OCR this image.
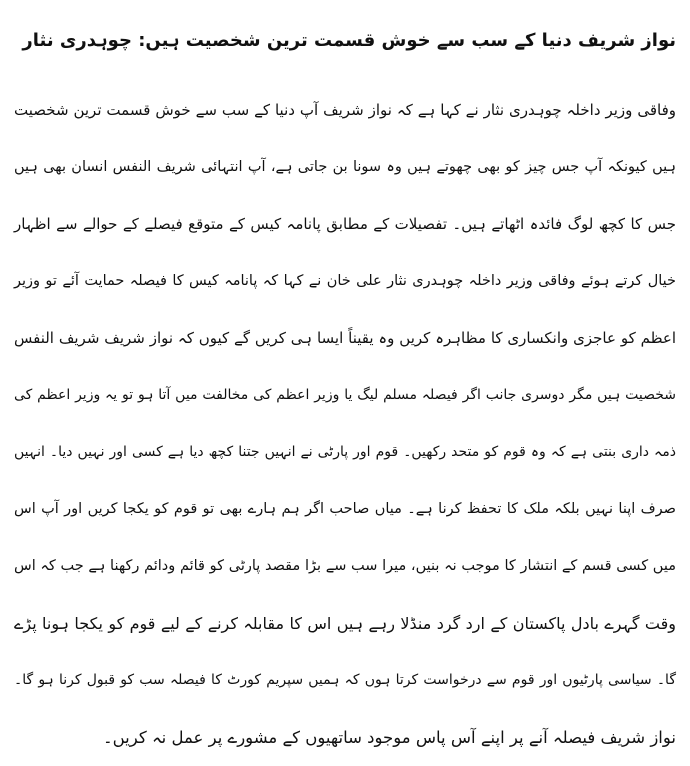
نواز شریف دنیا کے سب سے خوش قسمت ترین شخصیت ہیں: چوہدری نثار
وفاقی وزیر داخلہ چوہدری نثار نے کہا ہے کہ نواز شریف آپ دنیا کے سب سے خوش قسمت ترین شخصیت
ہیں کیونکہ آپ جس چیز کو بھی چھوتے ہیں وہ سونا بن جاتی ہے، آپ انتہائی شریف النفس انسان بھی ہیں
جس کا کچھ لوگ فائدہ اٹھاتے ہیں۔ تفصیلات کے مطابق پانامہ کیس کے متوقع فیصلے کے حوالے سے اظہار
خیال کرتے ہوئے وفاقی وزیر داخلہ چوہدری نثار علی خان نے کہا کہ پانامہ کیس کا فیصلہ حمایت آئے تو وزیر
اعظم کو عاجزی وانکساری کا مظاہرہ کریں وہ یقیناً ایسا ہی کریں گے کیوں کہ نواز شریف شریف النفس
شخصیت ہیں مگر دوسری جانب اگر فیصلہ مسلم لیگ یا وزیر اعظم کی مخالفت میں آتا ہو تو یہ وزیر اعظم کی
ذمہ داری بنتی ہے کہ وہ قوم کو متحد رکھیں۔ قوم اور پارٹی نے انہیں جتنا کچھ دیا ہے کسی اور نہیں دیا۔ انہیں
صرف اپنا نہیں بلکہ ملک کا تحفظ کرنا ہے۔ میاں صاحب اگر ہم ہارے بھی تو قوم کو یکجا کریں اور آپ اس
میں کسی قسم کے انتشار کا موجب نہ بنیں، میرا سب سے بڑا مقصد پارٹی کو قائم ودائم رکھنا ہے جب کہ اس
وقت گہرے بادل پاکستان کے ارد گرد منڈلا رہے ہیں اس کا مقابلہ کرنے کے لیے قوم کو یکجا ہونا پڑے
گا۔ سیاسی پارٹیوں اور قوم سے درخواست کرتا ہوں کہ ہمیں سپریم کورٹ کا فیصلہ سب کو قبول کرنا ہو گا۔
نواز شریف فیصلہ آنے پر اپنے آس پاس موجود ساتھیوں کے مشورے پر عمل نہ کریں۔
